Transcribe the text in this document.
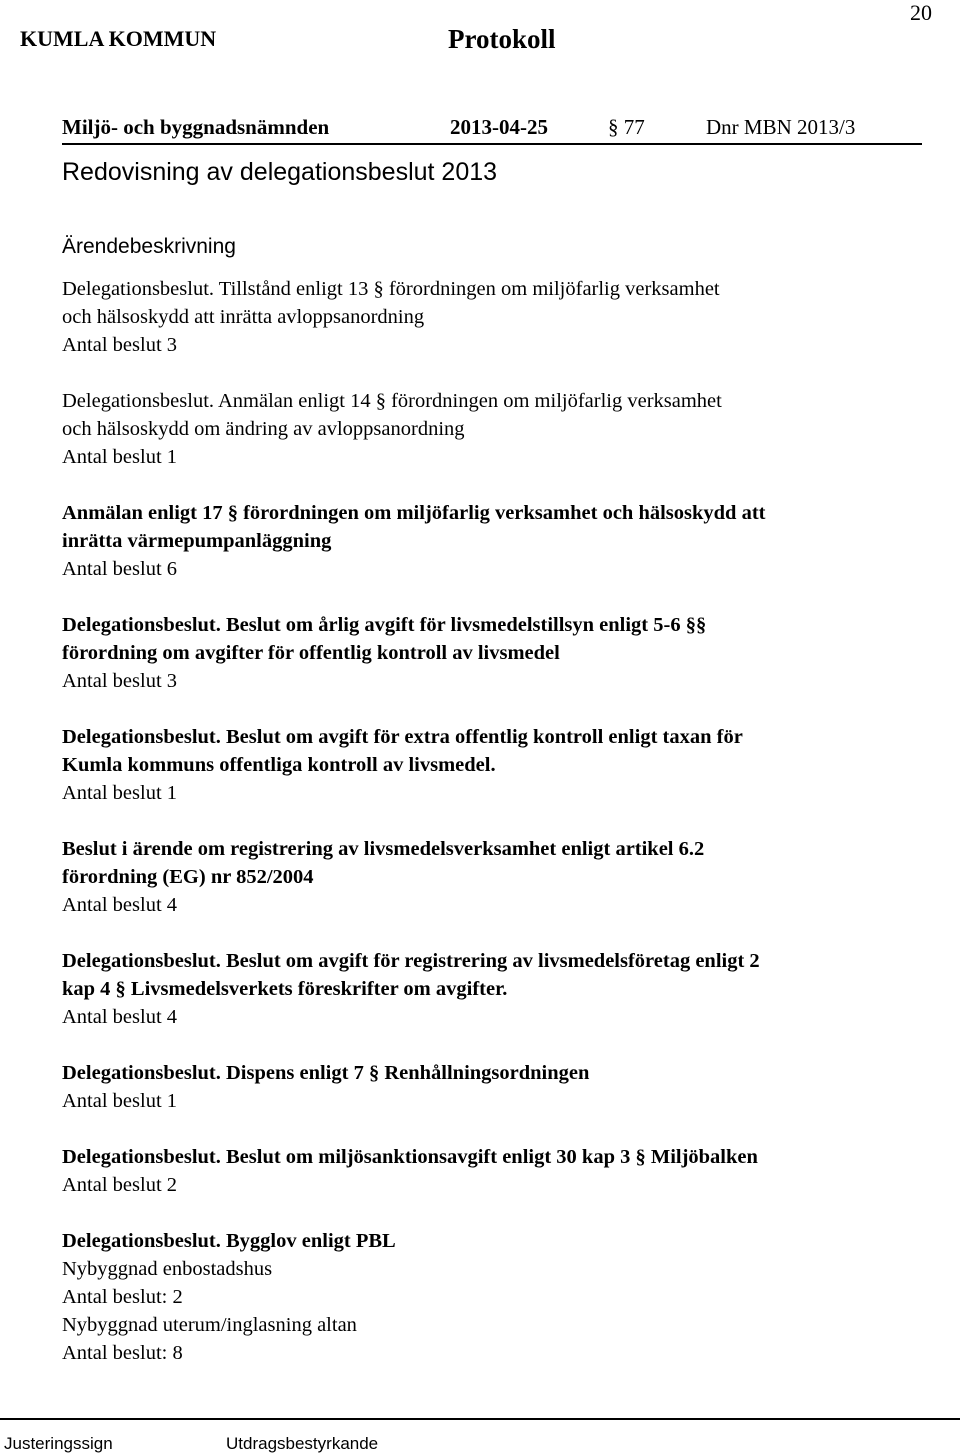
KUMLA KOMMUN	Protokoll
20
Miljö- och byggnadsnämnden	2013-04-25	§ 77	Dnr MBN 2013/3
Redovisning av delegationsbeslut 2013
Ärendebeskrivning
Delegationsbeslut. Tillstånd enligt 13 § förordningen om miljöfarlig verksamhet
och hälsoskydd att inrätta avloppsanordning
Antal beslut 3
Delegationsbeslut. Anmälan enligt 14 § förordningen om miljöfarlig verksamhet
och hälsoskydd om ändring av avloppsanordning
Antal beslut 1
Anmälan enligt 17 § förordningen om miljöfarlig verksamhet och hälsoskydd att
inrätta värmepumpanläggning
Antal beslut 6
Delegationsbeslut. Beslut om årlig avgift för livsmedelstillsyn enligt 5-6 §§
förordning om avgifter för offentlig kontroll av livsmedel
Antal beslut 3
Delegationsbeslut. Beslut om avgift för extra offentlig kontroll enligt taxan för
Kumla kommuns offentliga kontroll av livsmedel.
Antal beslut 1
Beslut i ärende om registrering av livsmedelsverksamhet enligt artikel 6.2
förordning (EG) nr 852/2004
Antal beslut 4
Delegationsbeslut. Beslut om avgift för registrering av livsmedelsföretag enligt 2
kap 4 § Livsmedelsverkets föreskrifter om avgifter.
Antal beslut 4
Delegationsbeslut. Dispens enligt 7 § Renhållningsordningen
Antal beslut 1
Delegationsbeslut. Beslut om miljösanktionsavgift enligt 30 kap 3 § Miljöbalken
Antal beslut 2
Delegationsbeslut. Bygglov enligt PBL
Nybyggnad enbostadshus
Antal beslut: 2
Nybyggnad uterum/inglasning altan
Antal beslut: 8
Justeringssign	Utdragsbestyrkande
